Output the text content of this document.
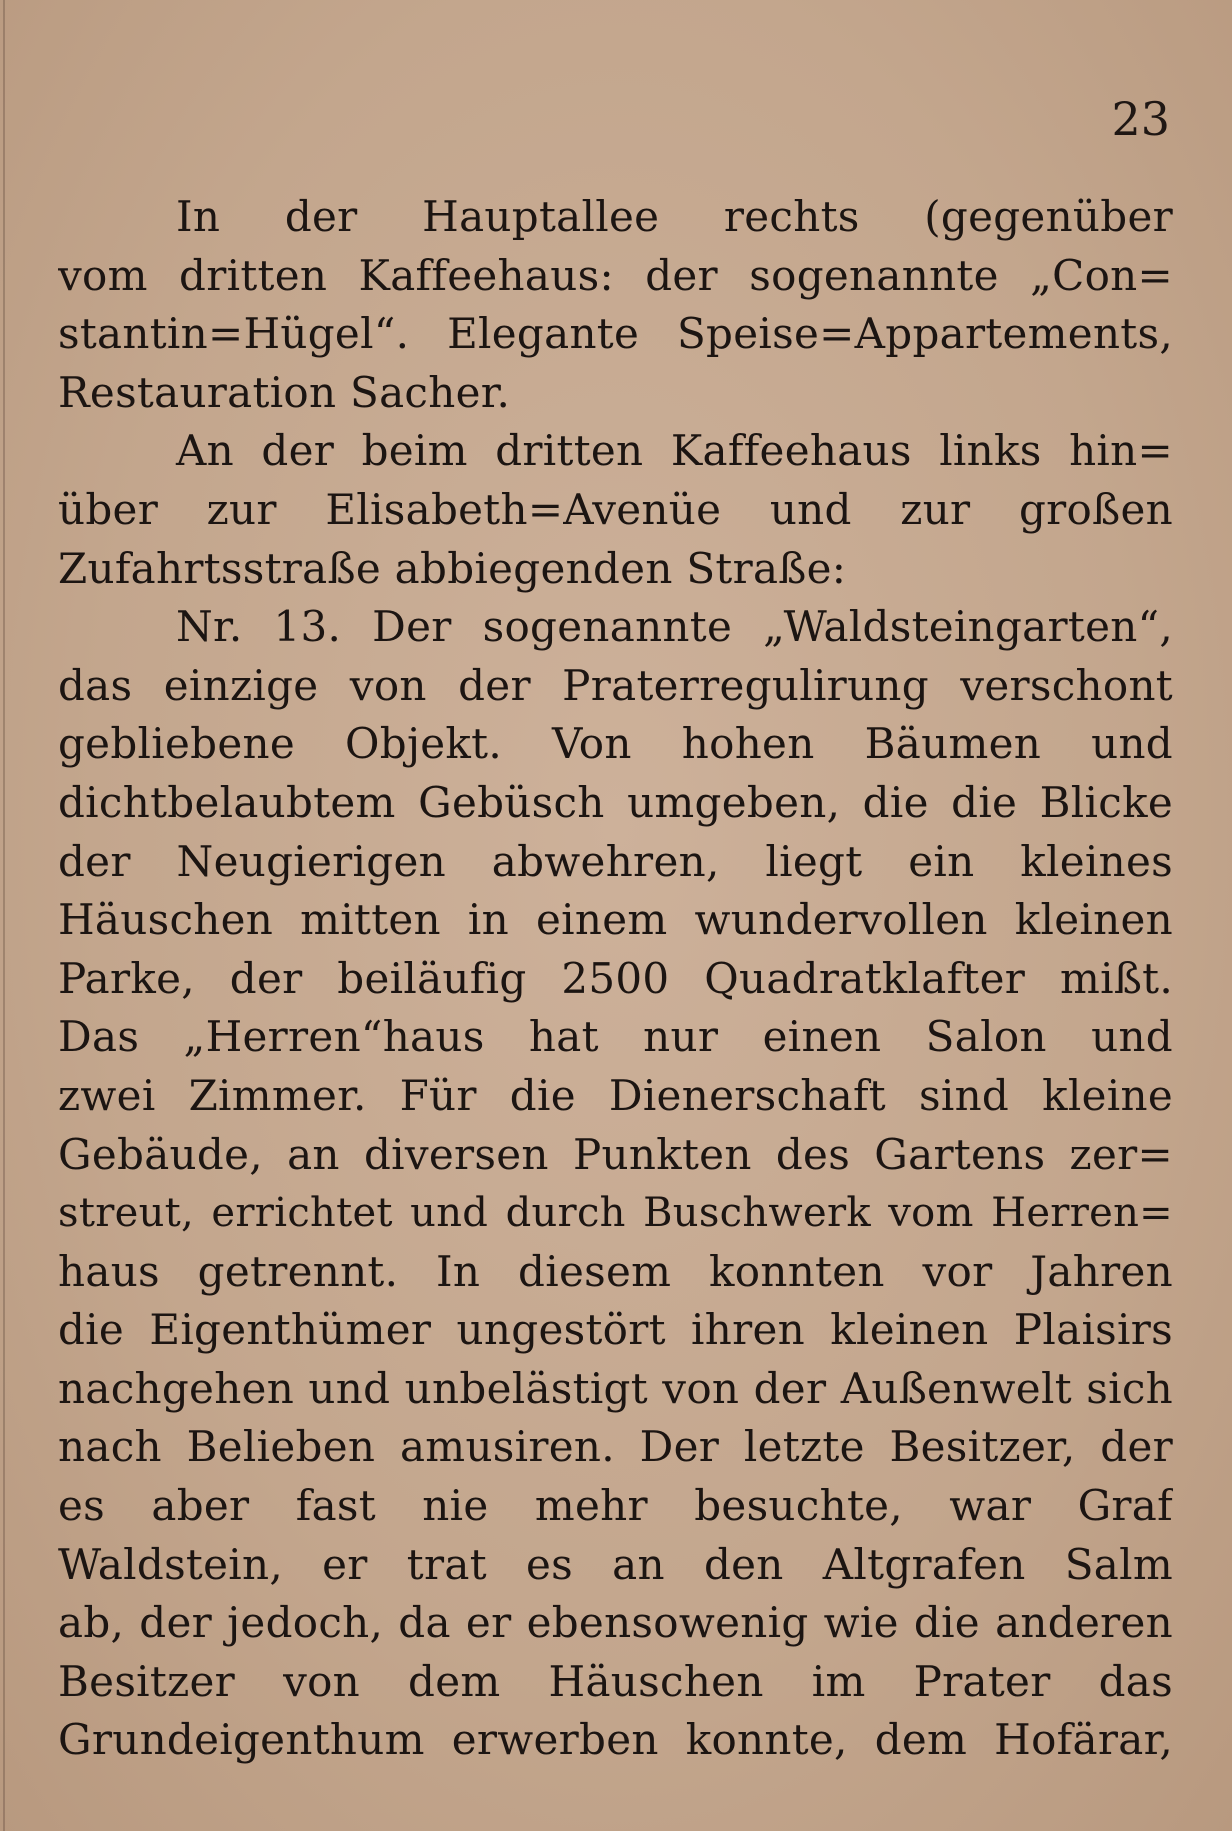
23
In der Hauptallee rechts (gegenüber
vom dritten Kaffeehaus: der sogenannte „Con=
stantin=Hügel“. Elegante Speise=Appartements,
Restauration Sacher.
An der beim dritten Kaffeehaus links hin=
über zur Elisabeth=Avenüe und zur großen
Zufahrtsstraße abbiegenden Straße:
Nr. 13. Der sogenannte „Waldsteingarten“,
das einzige von der Praterregulirung verschont
gebliebene Objekt. Von hohen Bäumen und
dichtbelaubtem Gebüsch umgeben, die die Blicke
der Neugierigen abwehren, liegt ein kleines
Häuschen mitten in einem wundervollen kleinen
Parke, der beiläufig 2500 Quadratklafter mißt.
Das „Herren“haus hat nur einen Salon und
zwei Zimmer. Für die Dienerschaft sind kleine
Gebäude, an diversen Punkten des Gartens zer=
streut, errichtet und durch Buschwerk vom Herren=
haus getrennt. In diesem konnten vor Jahren
die Eigenthümer ungestört ihren kleinen Plaisirs
nachgehen und unbelästigt von der Außenwelt sich
nach Belieben amusiren. Der letzte Besitzer, der
es aber fast nie mehr besuchte, war Graf
Waldstein, er trat es an den Altgrafen Salm
ab, der jedoch, da er ebensowenig wie die anderen
Besitzer von dem Häuschen im Prater das
Grundeigenthum erwerben konnte, dem Hofärar,
